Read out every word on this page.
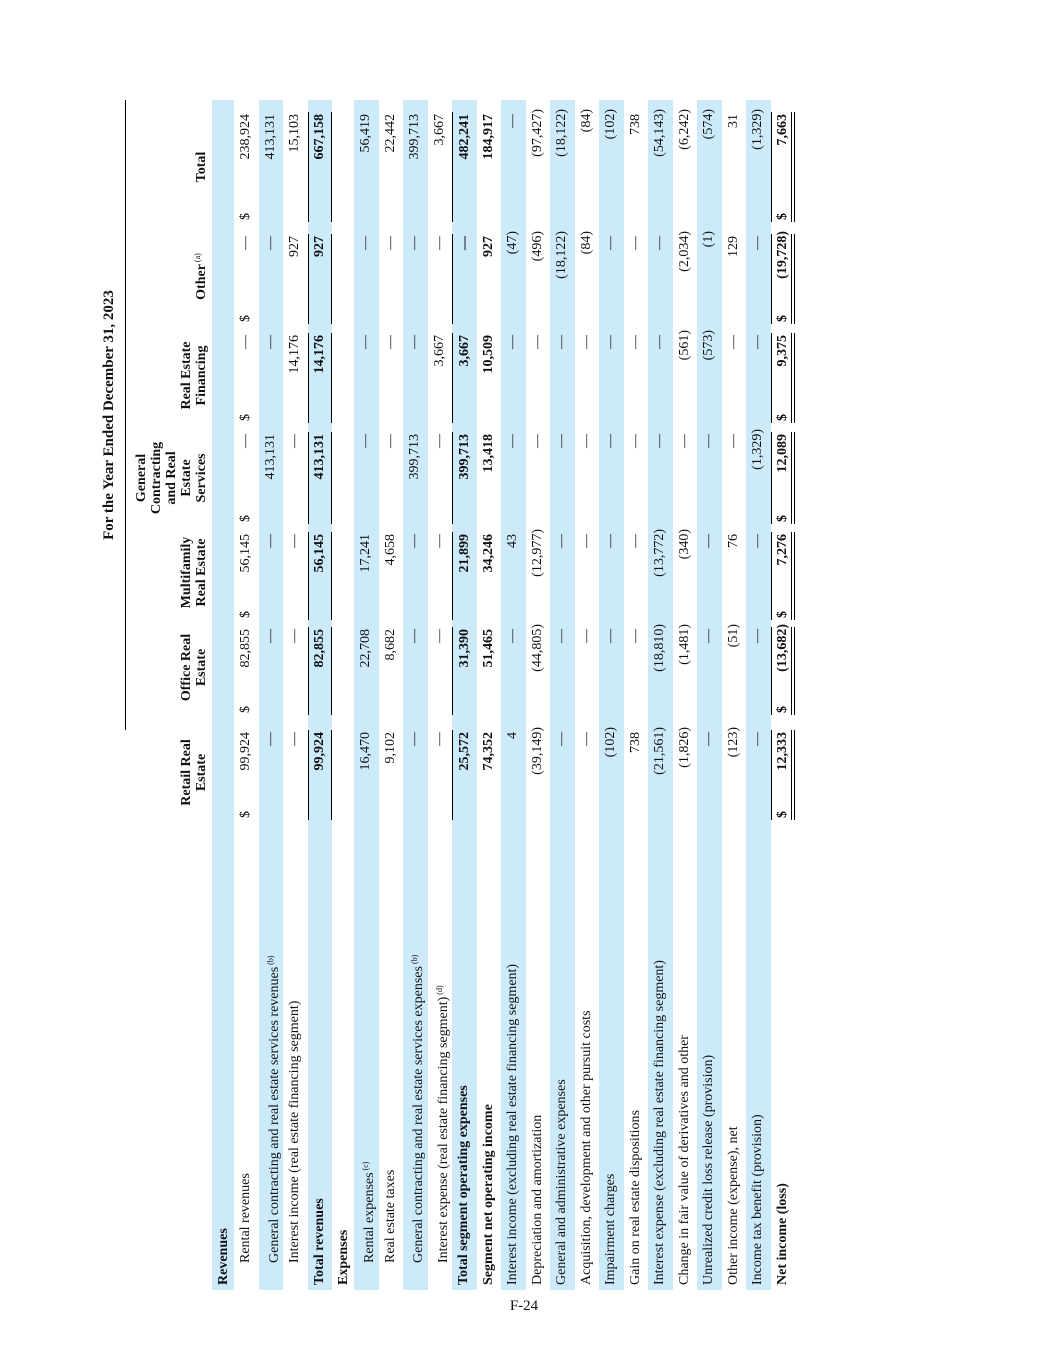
For the Year Ended December 31, 2023
Retail Real Estate
Office Real Estate
Multifamily Real Estate
General Contracting and Real Estate Services
Real Estate Financing
Other $^{(a)}$
Total
Revenues Rental revenues
$
99,924
$
82,855
$
56,145
$
—
$
—
$
—
$
238,924
General contracting and real estate services revenues $^{(b)}$
—
—
—
413,131
—
—
413,131
Interest income (real estate financing segment)
—
—
—
—
14,176
927
15,103
Total revenues
99,924
82,855
56,145
413,131
14,176
927
667,158
Expenses Rental expenses $^{(c)}$
16,470
22,708
17,241
—
—
—
56,419
Real estate taxes
9,102
8,682
4,658
—
—
—
22,442
General contracting and real estate services expenses $^{(b)}$
—
—
—
399,713
—
—
399,713
Interest expense (real estate financing segment) $^{(d)}$
—
—
—
—
3,667
—
3,667
Total segment operating expenses
25,572
31,390
21,899
399,713
3,667
—
482,241
Segment net operating income
74,352
51,465
34,246
13,418
10,509
927
184,917
Interest income (excluding real estate financing segment)
4
—
43
—
—
(47)
—
Depreciation and amortization
(39,149)
(44,805)
(12,977)
—
—
(496)
(97,427)
General and administrative expenses
—
—
—
—
—
(18,122)
(18,122)
Acquisition, development and other pursuit costs
—
—
—
—
—
(84)
(84)
Impairment charges
(102)
—
—
—
—
—
(102)
Gain on real estate dispositions
738
—
—
—
—
—
738
Interest expense (excluding real estate financing segment)
(21,561)
(18,810)
(13,772)
—
—
—
(54,143)
Change in fair value of derivatives and other
(1,826)
(1,481)
(340)
—
(561)
(2,034)
(6,242)
Unrealized credit loss release (provision)
—
—
—
—
(573)
(1)
(574)
Other income (expense), net
(123)
(51)
76
—
—
129
31
Income tax benefit (provision)
—
—
—
(1,329)
—
—
(1,329)
Net income (loss)
$
12,333
$
(13,682)
$
7,276
$
12,089
$
9,375
$
(19,728)
$
7,663
F-24
